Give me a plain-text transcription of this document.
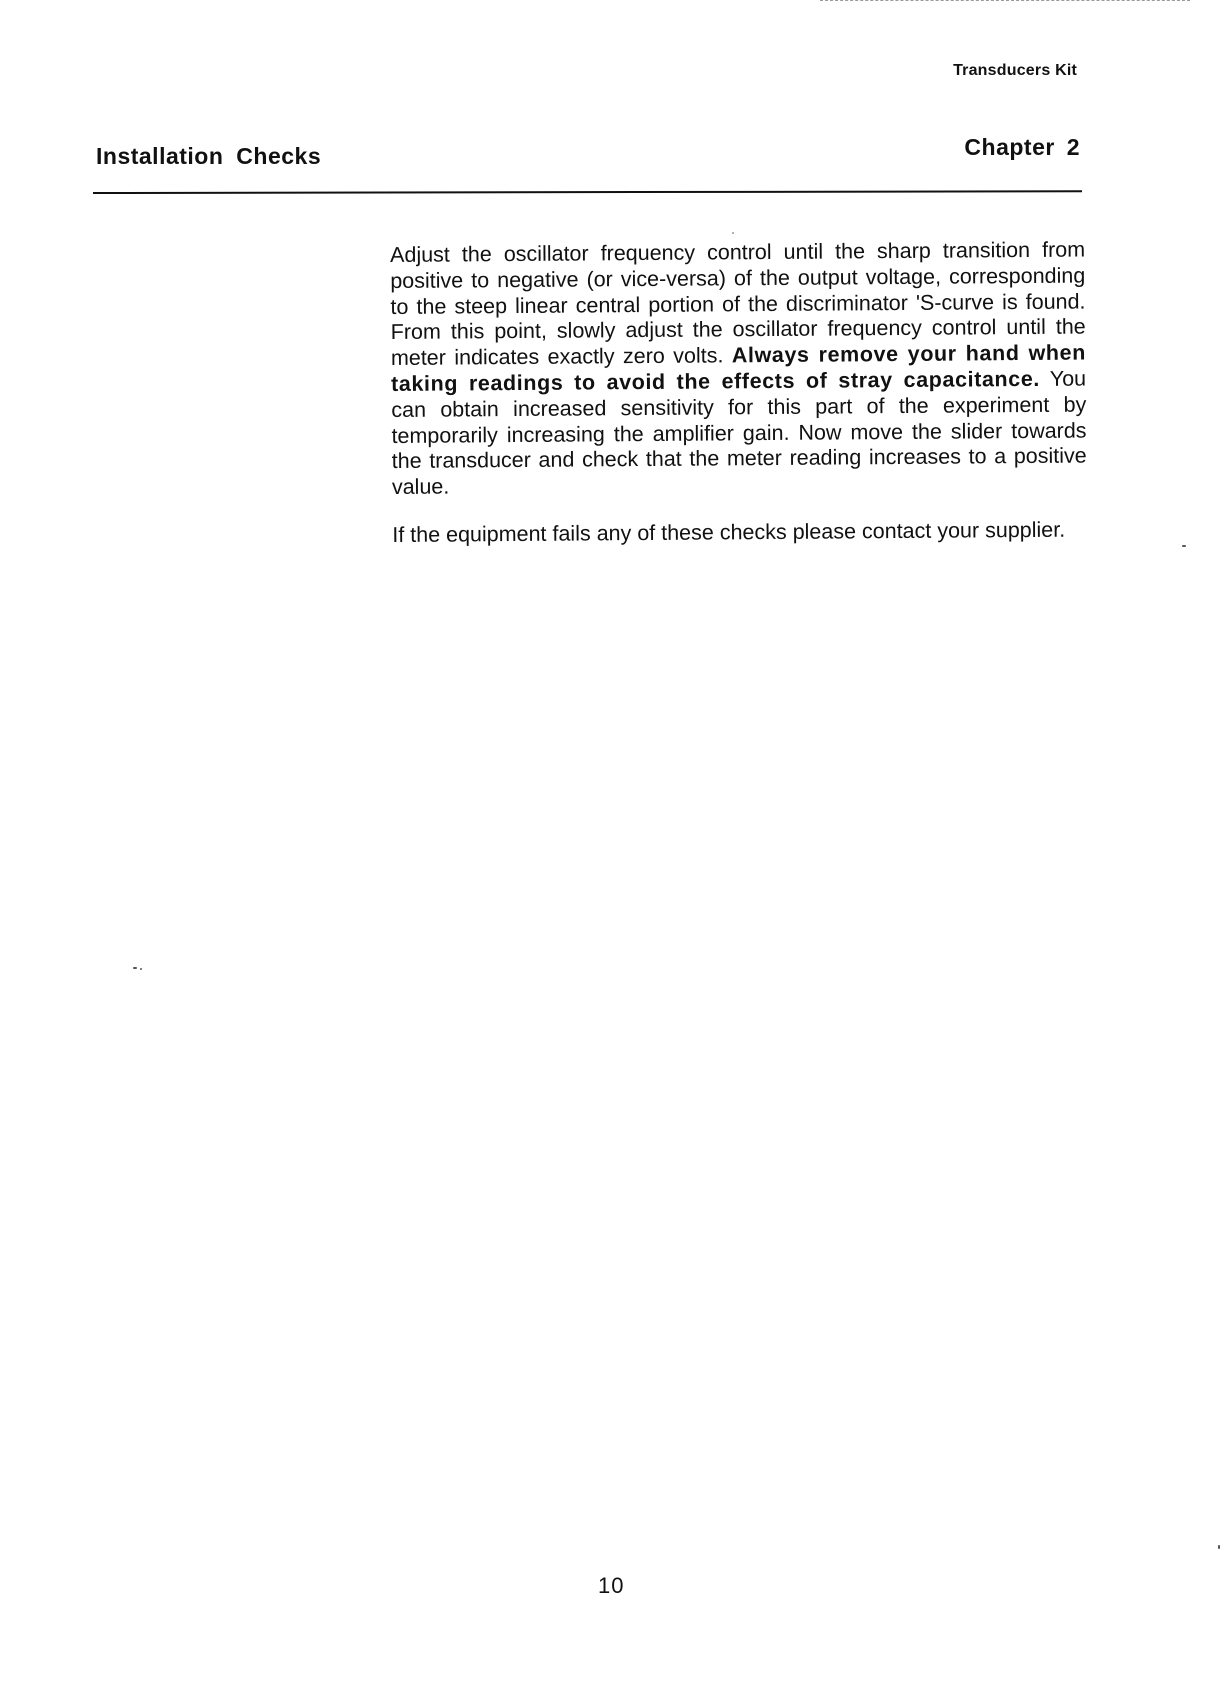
Transducers Kit
Installation Checks	Chapter 2

Adjust the oscillator frequency control until the sharp transition from positive to negative (or vice-versa) of the output voltage, corresponding to the steep linear central portion of the discriminator 'S-curve is found. From this point, slowly adjust the oscillator frequency control until the meter indicates exactly zero volts. Always remove your hand when taking readings to avoid the effects of stray capacitance. You can obtain increased sensitivity for this part of the experiment by temporarily increasing the amplifier gain. Now move the slider towards the transducer and check that the meter reading increases to a positive value.

If the equipment fails any of these checks please contact your supplier.

10
